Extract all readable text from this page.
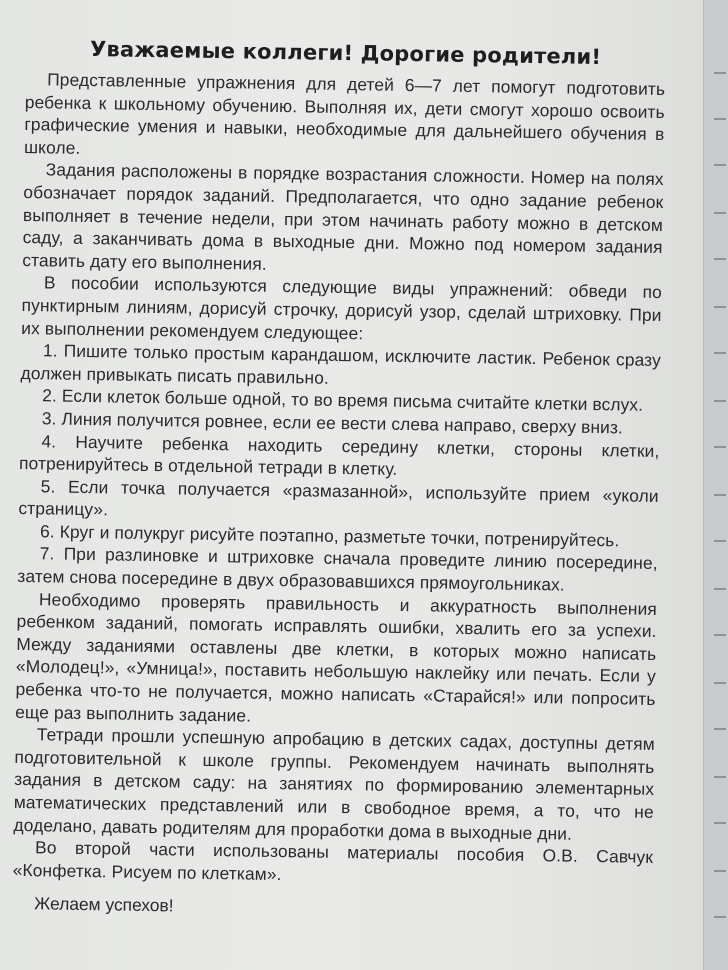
Уважаемые коллеги! Дорогие родители!

Представленные упражнения для детей 6—7 лет помогут подготовить ребенка к школьному обучению. Выполняя их, дети смогут хорошо освоить графические умения и навыки, необходимые для дальнейшего обучения в школе.

Задания расположены в порядке возрастания сложности. Номер на полях обозначает порядок заданий. Предполагается, что одно задание ребенок выполняет в течение недели, при этом начинать работу можно в детском саду, а заканчивать дома в выходные дни. Можно под номером задания ставить дату его выполнения.

В пособии используются следующие виды упражнений: обведи по пунктирным линиям, дорисуй строчку, дорисуй узор, сделай штриховку. При их выполнении рекомендуем следующее:

1. Пишите только простым карандашом, исключите ластик. Ребенок сразу должен привыкать писать правильно.

2. Если клеток больше одной, то во время письма считайте клетки вслух.

3. Линия получится ровнее, если ее вести слева направо, сверху вниз.

4. Научите ребенка находить середину клетки, стороны клетки, потренируйтесь в отдельной тетради в клетку.

5. Если точка получается «размазанной», используйте прием «уколи страницу».

6. Круг и полукруг рисуйте поэтапно, разметьте точки, потренируйтесь.

7. При разлиновке и штриховке сначала проведите линию посередине, затем снова посередине в двух образовавшихся прямоугольниках.

Необходимо проверять правильность и аккуратность выполнения ребенком заданий, помогать исправлять ошибки, хвалить его за успехи. Между заданиями оставлены две клетки, в которых можно написать «Молодец!», «Умница!», поставить небольшую наклейку или печать. Если у ребенка что-то не получается, можно написать «Старайся!» или попросить еще раз выполнить задание.

Тетради прошли успешную апробацию в детских садах, доступны детям подготовительной к школе группы. Рекомендуем начинать выполнять задания в детском саду: на занятиях по формированию элементарных математических представлений или в свободное время, а то, что не доделано, давать родителям для проработки дома в выходные дни.

Во второй части использованы материалы пособия О.В. Савчук «Конфетка. Рисуем по клеткам».

Желаем успехов!
